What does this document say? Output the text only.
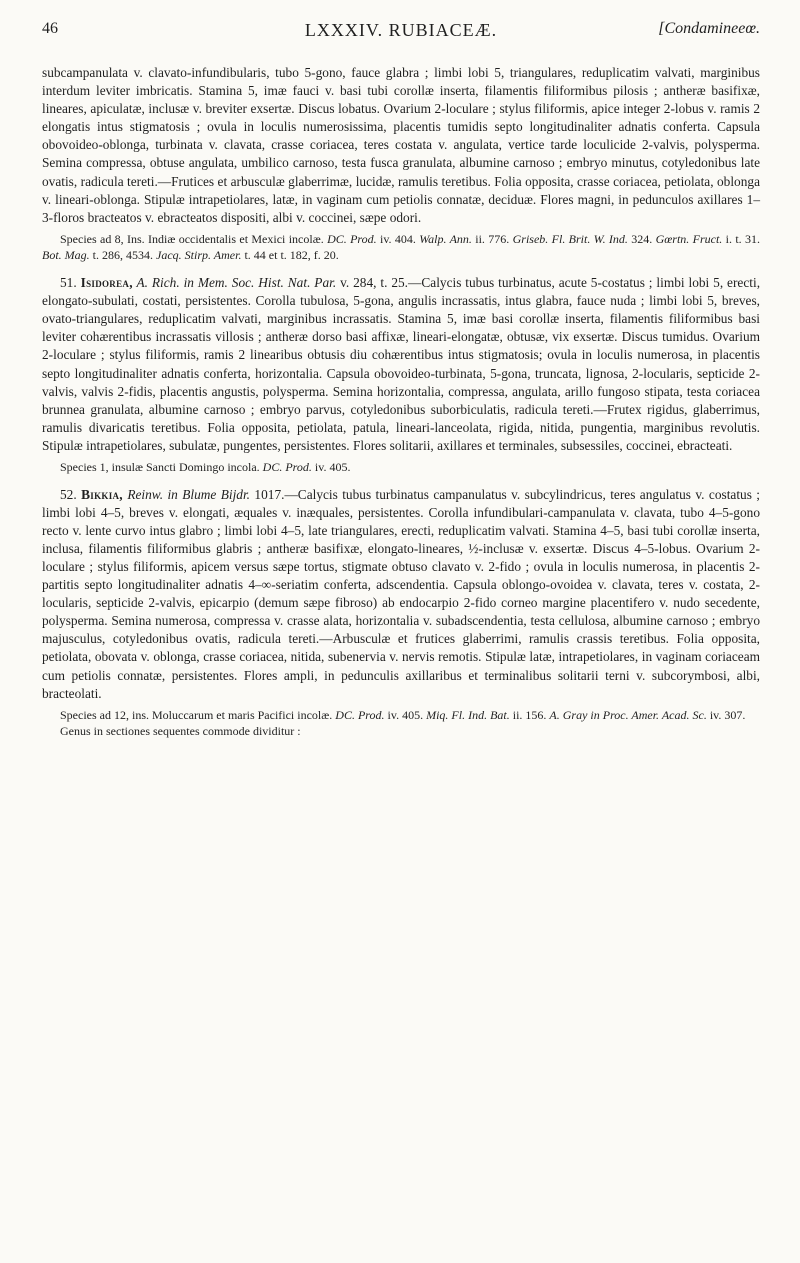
46	LXXXIV. RUBIACEÆ.	[Condamineeœ.

subcampanulata v. clavato-infundibularis, tubo 5-gono, fauce glabra ; limbi lobi 5, triangulares, reduplicatim valvati, marginibus interdum leviter imbricatis. Stamina 5, imæ fauci v. basi tubi corollæ inserta, filamentis filiformibus pilosis ; antheræ basifixæ, lineares, apiculatæ, inclusæ v. breviter exsertæ. Discus lobatus. Ovarium 2-loculare ; stylus filiformis, apice integer 2-lobus v. ramis 2 elongatis intus stigmatosis ; ovula in loculis numerosissima, placentis tumidis septo longitudinaliter adnatis conferta. Capsula obovoideo-oblonga, turbinata v. clavata, crasse coriacea, teres costata v. angulata, vertice tarde loculicide 2-valvis, polysperma. Semina compressa, obtuse angulata, umbilico carnoso, testa fusca granulata, albumine carnoso ; embryo minutus, cotyledonibus late ovatis, radicula tereti.—Frutices et arbusculæ glaberrimæ, lucidæ, ramulis teretibus. Folia opposita, crasse coriacea, petiolata, oblonga v. lineari-oblonga. Stipulæ intrapetiolares, latæ, in vaginam cum petiolis connatæ, deciduæ. Flores magni, in pedunculos axillares 1–3-floros bracteatos v. ebracteatos dispositi, albi v. coccinei, sæpe odori.

Species ad 8, Ins. Indiæ occidentalis et Mexici incolæ. DC. Prod. iv. 404. Walp. Ann. ii. 776. Griseb. Fl. Brit. W. Ind. 324. Gœrtn. Fruct. i. t. 31. Bot. Mag. t. 286, 4534. Jacq. Stirp. Amer. t. 44 et t. 182, f. 20.

51. Isidorea, A. Rich. in Mem. Soc. Hist. Nat. Par. v. 284, t. 25.—Calycis tubus turbinatus, acute 5-costatus ; limbi lobi 5, erecti, elongato-subulati, costati, persistentes. Corolla tubulosa, 5-gona, angulis incrassatis, intus glabra, fauce nuda ; limbi lobi 5, breves, ovato-triangulares, reduplicatim valvati, marginibus incrassatis. Stamina 5, imæ basi corollæ inserta, filamentis filiformibus basi leviter cohærentibus incrassatis villosis ; antheræ dorso basi affixæ, lineari-elongatæ, obtusæ, vix exsertæ. Discus tumidus. Ovarium 2-loculare ; stylus filiformis, ramis 2 linearibus obtusis diu cohærentibus intus stigmatosis; ovula in loculis numerosa, in placentis septo longitudinaliter adnatis conferta, horizontalia. Capsula obovoideo-turbinata, 5-gona, truncata, lignosa, 2-locularis, septicide 2-valvis, valvis 2-fidis, placentis angustis, polysperma. Semina horizontalia, compressa, angulata, arillo fungoso stipata, testa coriacea brunnea granulata, albumine carnoso ; embryo parvus, cotyledonibus suborbiculatis, radicula tereti.—Frutex rigidus, glaberrimus, ramulis divaricatis teretibus. Folia opposita, petiolata, patula, lineari-lanceolata, rigida, nitida, pungentia, marginibus revolutis. Stipulæ intrapetiolares, subulatæ, pungentes, persistentes. Flores solitarii, axillares et terminales, subsessiles, coccinei, ebracteati.

Species 1, insulæ Sancti Domingo incola. DC. Prod. iv. 405.

52. Bikkia, Reinw. in Blume Bijdr. 1017.—Calycis tubus turbinatus campanulatus v. subcylindricus, teres angulatus v. costatus ; limbi lobi 4–5, breves v. elongati, æquales v. inæquales, persistentes. Corolla infundibulari-campanulata v. clavata, tubo 4–5-gono recto v. lente curvo intus glabro ; limbi lobi 4–5, late triangulares, erecti, reduplicatim valvati. Stamina 4–5, basi tubi corollæ inserta, inclusa, filamentis filiformibus glabris ; antheræ basifixæ, elongato-lineares, ½-inclusæ v. exsertæ. Discus 4–5-lobus. Ovarium 2-loculare ; stylus filiformis, apicem versus sæpe tortus, stigmate obtuso clavato v. 2-fido ; ovula in loculis numerosa, in placentis 2-partitis septo longitudinaliter adnatis 4–∞-seriatim conferta, adscendentia. Capsula oblongo-ovoidea v. clavata, teres v. costata, 2-locularis, septicide 2-valvis, epicarpio (demum sæpe fibroso) ab endocarpio 2-fido corneo margine placentifero v. nudo secedente, polysperma. Semina numerosa, compressa v. crasse alata, horizontalia v. subadscendentia, testa cellulosa, albumine carnoso ; embryo majusculus, cotyledonibus ovatis, radicula tereti.—Arbusculæ et frutices glaberrimi, ramulis crassis teretibus. Folia opposita, petiolata, obovata v. oblonga, crasse coriacea, nitida, subenervia v. nervis remotis. Stipulæ latæ, intrapetiolares, in vaginam coriaceam cum petiolis connatæ, persistentes. Flores ampli, in pedunculis axillaribus et terminalibus solitarii terni v. subcorymbosi, albi, bracteolati.

Species ad 12, ins. Moluccarum et maris Pacifici incolæ. DC. Prod. iv. 405. Miq. Fl. Ind. Bat. ii. 156. A. Gray in Proc. Amer. Acad. Sc. iv. 307.

Genus in sectiones sequentes commode dividitur :
